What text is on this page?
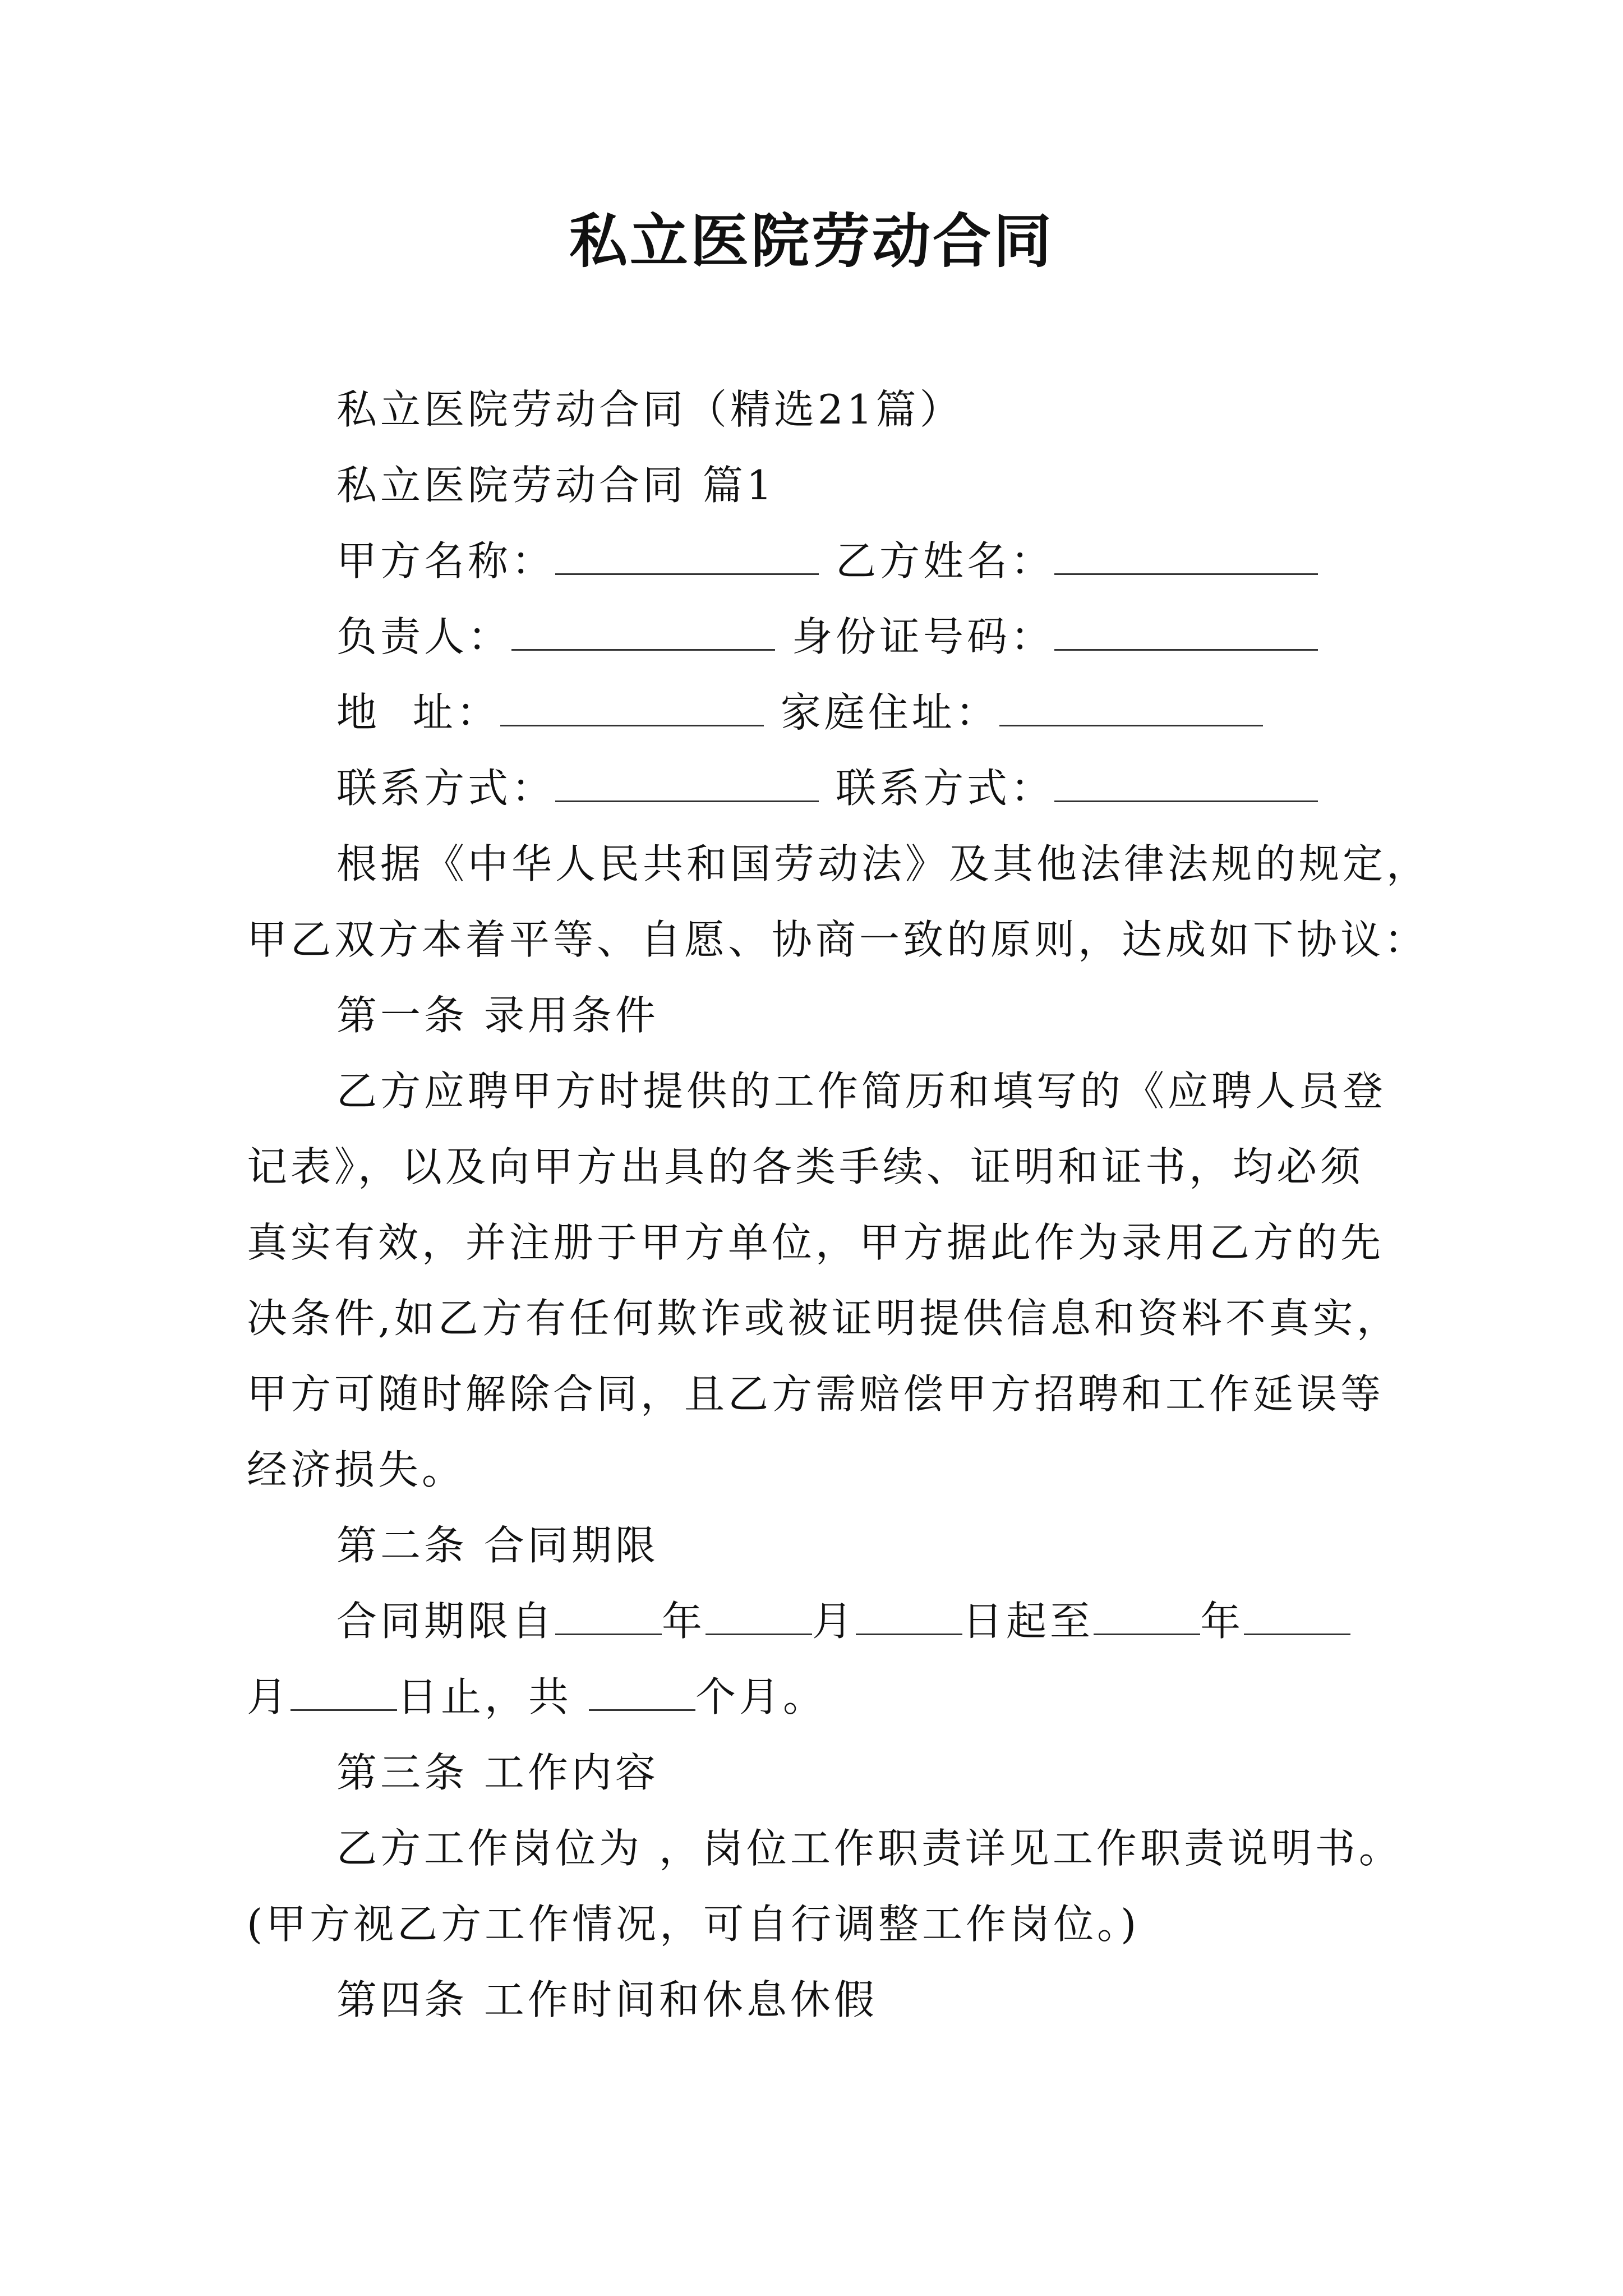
私立医院劳动合同
私立医院劳动合同（精选21篇）
私立医院劳动合同 篇1
甲方名称：	乙方姓名：
负责人：	身份证号码：
地  址：	家庭住址：
联系方式：	联系方式：
根据《中华人民共和国劳动法》及其他法律法规的规定，
甲乙双方本着平等、自愿、协商一致的原则，达成如下协议：
第一条 录用条件
乙方应聘甲方时提供的工作简历和填写的《应聘人员登
记表》，以及向甲方出具的各类手续、证明和证书，均必须
真实有效，并注册于甲方单位，甲方据此作为录用乙方的先
决条件,如乙方有任何欺诈或被证明提供信息和资料不真实，
甲方可随时解除合同，且乙方需赔偿甲方招聘和工作延误等
经济损失。
第二条 合同期限
合同期限自	年	月	日起至	年
月	日止，共	个月。
第三条 工作内容
乙方工作岗位为 ，岗位工作职责详见工作职责说明书。
(甲方视乙方工作情况，可自行调整工作岗位。)
第四条 工作时间和休息休假
